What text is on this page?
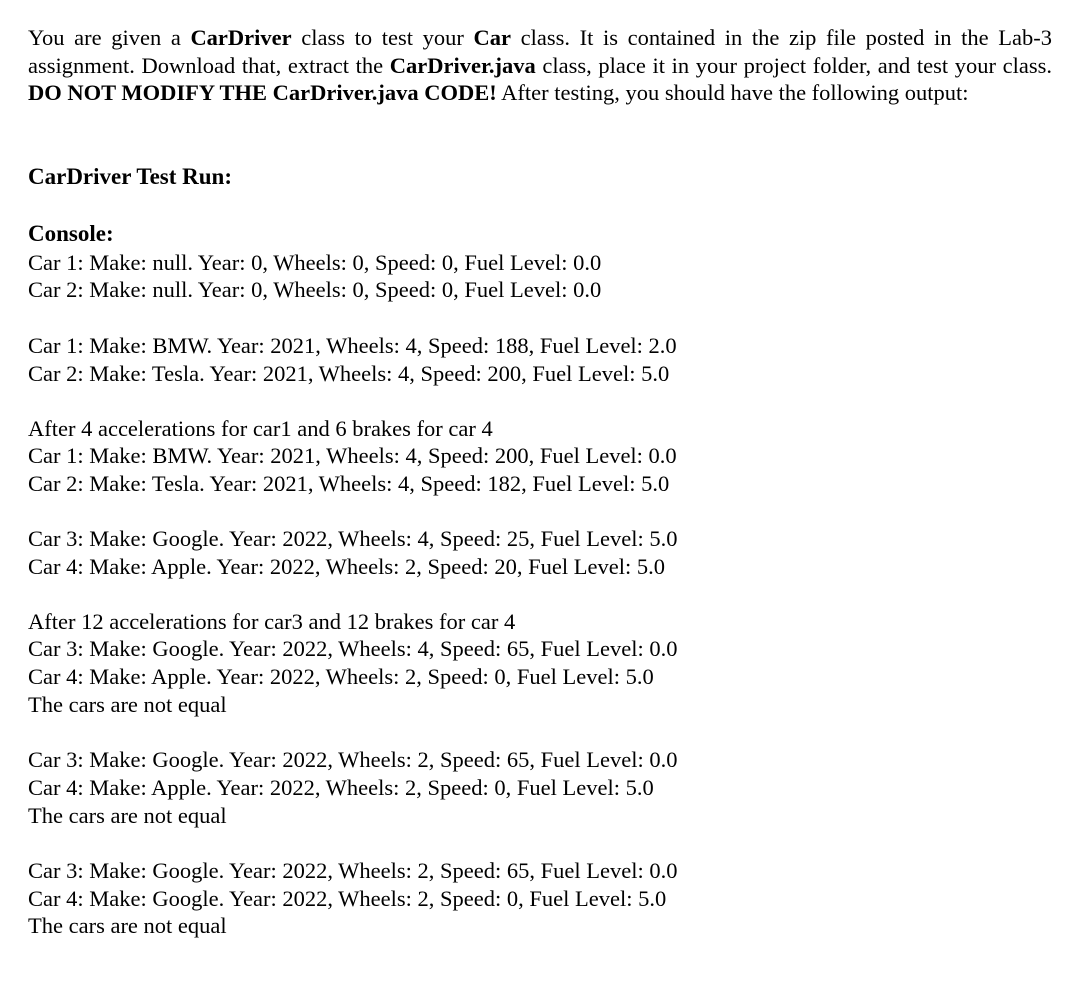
You are given a CarDriver class to test your Car class. It is contained in the zip file posted in the Lab-3 assignment. Download that, extract the CarDriver.java class, place it in your project folder, and test your class. DO NOT MODIFY THE CarDriver.java CODE! After testing, you should have the following output:

CarDriver Test Run:

Console:

Car 1: Make: null. Year: 0, Wheels: 0, Speed: 0, Fuel Level: 0.0

Car 2: Make: null. Year: 0, Wheels: 0, Speed: 0, Fuel Level: 0.0

Car 1: Make: BMW. Year: 2021, Wheels: 4, Speed: 188, Fuel Level: 2.0

Car 2: Make: Tesla. Year: 2021, Wheels: 4, Speed: 200, Fuel Level: 5.0

After 4 accelerations for car1 and 6 brakes for car 4

Car 1: Make: BMW. Year: 2021, Wheels: 4, Speed: 200, Fuel Level: 0.0

Car 2: Make: Tesla. Year: 2021, Wheels: 4, Speed: 182, Fuel Level: 5.0

Car 3: Make: Google. Year: 2022, Wheels: 4, Speed: 25, Fuel Level: 5.0

Car 4: Make: Apple. Year: 2022, Wheels: 2, Speed: 20, Fuel Level: 5.0

After 12 accelerations for car3 and 12 brakes for car 4

Car 3: Make: Google. Year: 2022, Wheels: 4, Speed: 65, Fuel Level: 0.0

Car 4: Make: Apple. Year: 2022, Wheels: 2, Speed: 0, Fuel Level: 5.0

The cars are not equal

Car 3: Make: Google. Year: 2022, Wheels: 2, Speed: 65, Fuel Level: 0.0

Car 4: Make: Apple. Year: 2022, Wheels: 2, Speed: 0, Fuel Level: 5.0

The cars are not equal

Car 3: Make: Google. Year: 2022, Wheels: 2, Speed: 65, Fuel Level: 0.0

Car 4: Make: Google. Year: 2022, Wheels: 2, Speed: 0, Fuel Level: 5.0

The cars are not equal
